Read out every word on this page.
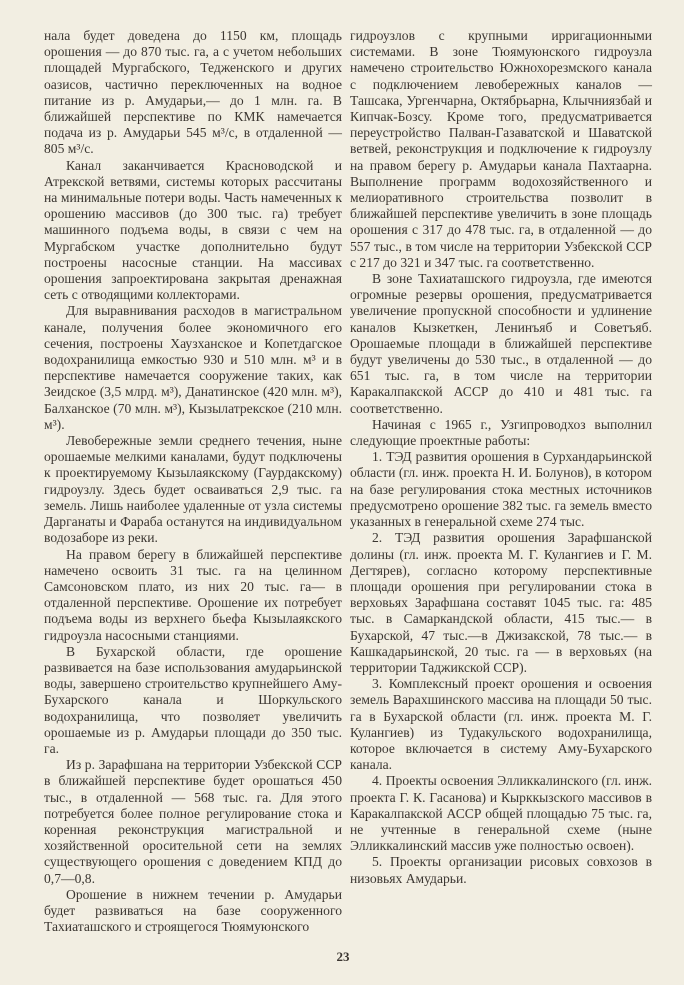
нала будет доведена до 1150 км, площадь орошения — до 870 тыс. га, а с учетом небольших площадей Мургабского, Тедженского и других оазисов, частично переключенных на водное питание из р. Амударьи,— до 1 млн. га. В ближайшей перспективе по КМК намечается подача из р. Амударьи 545 м³/с, в отдаленной — 805 м³/с.

Канал заканчивается Красноводской и Атрекской ветвями, системы которых рассчитаны на минимальные потери воды. Часть намеченных к орошению массивов (до 300 тыс. га) требует машинного подъема воды, в связи с чем на Мургабском участке дополнительно будут построены насосные станции. На массивах орошения запроектирована закрытая дренажная сеть с отводящими коллекторами.

Для выравнивания расходов в магистральном канале, получения более экономичного его сечения, построены Хаузханское и Копетдагское водохранилища емкостью 930 и 510 млн. м³ и в перспективе намечается сооружение таких, как Зеидское (3,5 млрд. м³), Данатинское (420 млн. м³), Балханское (70 млн. м³), Кызылатрекское (210 млн. м³).

Левобережные земли среднего течения, ныне орошаемые мелкими каналами, будут подключены к проектируемому Кызылаякскому (Гаурдакскому) гидроузлу. Здесь будет осваиваться 2,9 тыс. га земель. Лишь наиболее удаленные от узла системы Дарганаты и Фараба останутся на индивидуальном водозаборе из реки.

На правом берегу в ближайшей перспективе намечено освоить 31 тыс. га на целинном Самсоновском плато, из них 20 тыс. га— в отдаленной перспективе. Орошение их потребует подъема воды из верхнего бьефа Кызылаякского гидроузла насосными станциями.

В Бухарской области, где орошение развивается на базе использования амударьинской воды, завершено строительство крупнейшего Аму-Бухарского канала и Шоркульского водохранилища, что позволяет увеличить орошаемые из р. Амударьи площади до 350 тыс. га.

Из р. Зарафшана на территории Узбекской ССР в ближайшей перспективе будет орошаться 450 тыс., в отдаленной — 568 тыс. га. Для этого потребуется более полное регулирование стока и коренная реконструкция магистральной и хозяйственной оросительной сети на землях существующего орошения с доведением КПД до 0,7—0,8.

Орошение в нижнем течении р. Амударьи будет развиваться на базе сооруженного Тахиаташского и строящегося Тюямуюнского

гидроузлов с крупными ирригационными системами. В зоне Тюямуюнского гидроузла намечено строительство Южнохорезмского канала с подключением левобережных каналов — Ташсака, Ургенчарна, Октябрьарна, Клычниязбай и Кипчак-Бозсу. Кроме того, предусматривается переустройство Палван-Газаватской и Шаватской ветвей, реконструкция и подключение к гидроузлу на правом берегу р. Амударьи канала Пахтаарна. Выполнение программ водохозяйственного и мелиоративного строительства позволит в ближайшей перспективе увеличить в зоне площадь орошения с 317 до 478 тыс. га, в отдаленной — до 557 тыс., в том числе на территории Узбекской ССР с 217 до 321 и 347 тыс. га соответственно.

В зоне Тахиаташского гидроузла, где имеются огромные резервы орошения, предусматривается увеличение пропускной способности и удлинение каналов Кызкеткен, Ленинъяб и Советъяб. Орошаемые площади в ближайшей перспективе будут увеличены до 530 тыс., в отдаленной — до 651 тыс. га, в том числе на территории Каракалпакской АССР до 410 и 481 тыс. га соответственно.

Начиная с 1965 г., Узгипроводхоз выполнил следующие проектные работы:

1. ТЭД развития орошения в Сурхандарьинской области (гл. инж. проекта Н. И. Болунов), в котором на базе регулирования стока местных источников предусмотрено орошение 382 тыс. га земель вместо указанных в генеральной схеме 274 тыс.

2. ТЭД развития орошения Зарафшанской долины (гл. инж. проекта М. Г. Кулангиев и Г. М. Дегтярев), согласно которому перспективные площади орошения при регулировании стока в верховьях Зарафшана составят 1045 тыс. га: 485 тыс. в Самаркандской области, 415 тыс.— в Бухарской, 47 тыс.—в Джизакской, 78 тыс.— в Кашкадарьинской, 20 тыс. га — в верховьях (на территории Таджикской ССР).

3. Комплексный проект орошения и освоения земель Варахшинского массива на площади 50 тыс. га в Бухарской области (гл. инж. проекта М. Г. Кулангиев) из Тудакульского водохранилища, которое включается в систему Аму-Бухарского канала.

4. Проекты освоения Элликкалинского (гл. инж. проекта Г. К. Гасанова) и Кырккызского массивов в Каракалпакской АССР общей площадью 75 тыс. га, не учтенные в генеральной схеме (ныне Элликкалинский массив уже полностью освоен).

5. Проекты организации рисовых совхозов в низовьях Амударьи.

23
